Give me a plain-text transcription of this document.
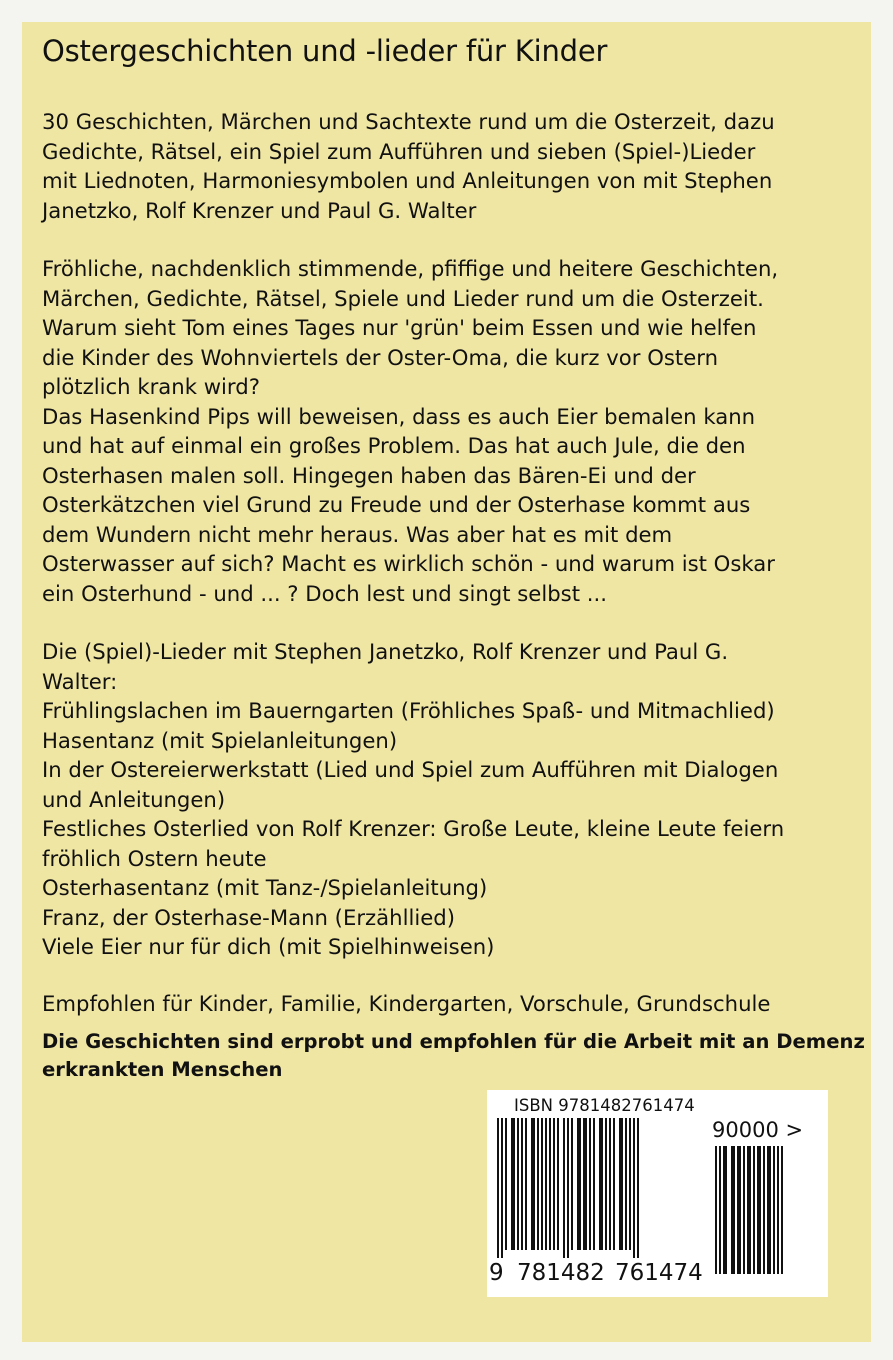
Ostergeschichten und -lieder für Kinder
30 Geschichten, Märchen und Sachtexte rund um die Osterzeit, dazu
Gedichte, Rätsel, ein Spiel zum Aufführen und sieben (Spiel-)Lieder
mit Liednoten, Harmoniesymbolen und Anleitungen von mit Stephen
Janetzko, Rolf Krenzer und Paul G. Walter
Fröhliche, nachdenklich stimmende, pfiffige und heitere Geschichten,
Märchen, Gedichte, Rätsel, Spiele und Lieder rund um die Osterzeit.
Warum sieht Tom eines Tages nur 'grün' beim Essen und wie helfen
die Kinder des Wohnviertels der Oster-Oma, die kurz vor Ostern
plötzlich krank wird?
Das Hasenkind Pips will beweisen, dass es auch Eier bemalen kann
und hat auf einmal ein großes Problem. Das hat auch Jule, die den
Osterhasen malen soll. Hingegen haben das Bären-Ei und der
Osterkätzchen viel Grund zu Freude und der Osterhase kommt aus
dem Wundern nicht mehr heraus. Was aber hat es mit dem
Osterwasser auf sich? Macht es wirklich schön - und warum ist Oskar
ein Osterhund - und ... ? Doch lest und singt selbst ...
Die (Spiel)-Lieder mit Stephen Janetzko, Rolf Krenzer und Paul G.
Walter:
Frühlingslachen im Bauerngarten (Fröhliches Spaß- und Mitmachlied)
Hasentanz (mit Spielanleitungen)
In der Ostereierwerkstatt (Lied und Spiel zum Aufführen mit Dialogen
und Anleitungen)
Festliches Osterlied von Rolf Krenzer: Große Leute, kleine Leute feiern
fröhlich Ostern heute
Osterhasentanz (mit Tanz-/Spielanleitung)
Franz, der Osterhase-Mann (Erzähllied)
Viele Eier nur für dich (mit Spielhinweisen)
Empfohlen für Kinder, Familie, Kindergarten, Vorschule, Grundschule
Die Geschichten sind erprobt und empfohlen für die Arbeit mit an Demenz
erkrankten Menschen
ISBN 9781482761474
90000 >
9 781482 761474
